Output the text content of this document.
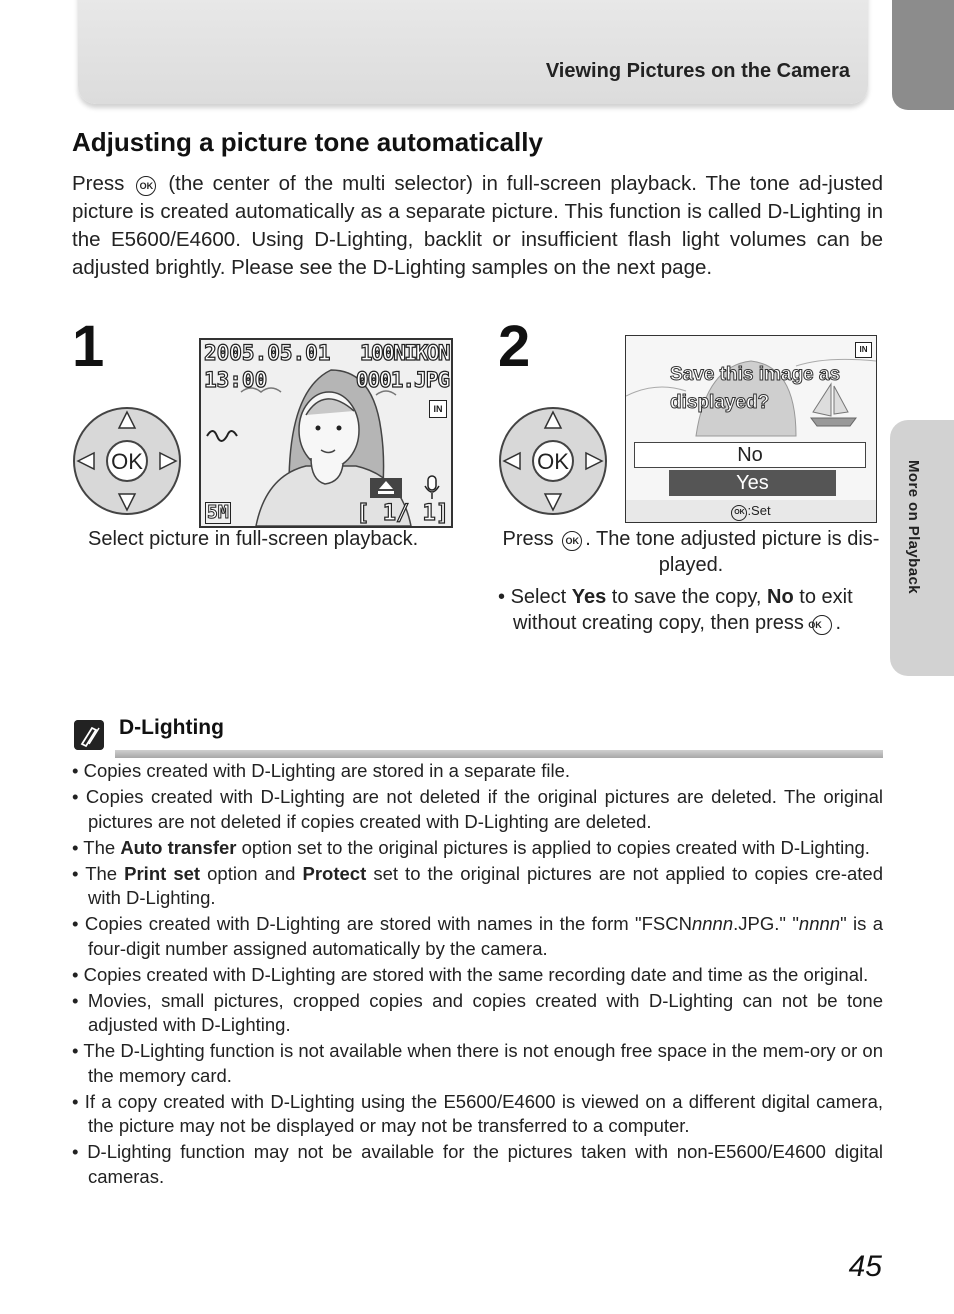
Viewing Pictures on the Camera
More on Playback
Adjusting a picture tone automatically

Press OK (the center of the multi selector) in full-screen playback. The tone ad-justed picture is created automatically as a separate picture. This function is called D-Lighting in the E5600/E4600. Using D-Lighting, backlit or insufficient flash light volumes can be adjusted brightly. Please see the D-Lighting samples on the next page.

1
OK
2005.05.01
13:00
100NIKON
0001.JPG
IN
5M	[ 1/ 1]
Select picture in full-screen playback.
2
OK
IN
Save this image as
displayed?
No
Yes
OK :Set
Press OK . The tone adjusted picture is dis-played.
• Select Yes to save the copy, No to exit without creating copy, then press OK .
D-Lighting
• Copies created with D-Lighting are stored in a separate file.
• Copies created with D-Lighting are not deleted if the original pictures are deleted. The original pictures are not deleted if copies created with D-Lighting are deleted.
• The Auto transfer option set to the original pictures is applied to copies created with D-Lighting.
• The Print set option and Protect set to the original pictures are not applied to copies cre-ated with D-Lighting.
• Copies created with D-Lighting are stored with names in the form "FSCNnnnn.JPG." "nnnn" is a four-digit number assigned automatically by the camera.
• Copies created with D-Lighting are stored with the same recording date and time as the original.
• Movies, small pictures, cropped copies and copies created with D-Lighting can not be tone adjusted with D-Lighting.
• The D-Lighting function is not available when there is not enough free space in the mem-ory or on the memory card.
• If a copy created with D-Lighting using the E5600/E4600 is viewed on a different digital camera, the picture may not be displayed or may not be transferred to a computer.
• D-Lighting function may not be available for the pictures taken with non-E5600/E4600 digital cameras.
45
